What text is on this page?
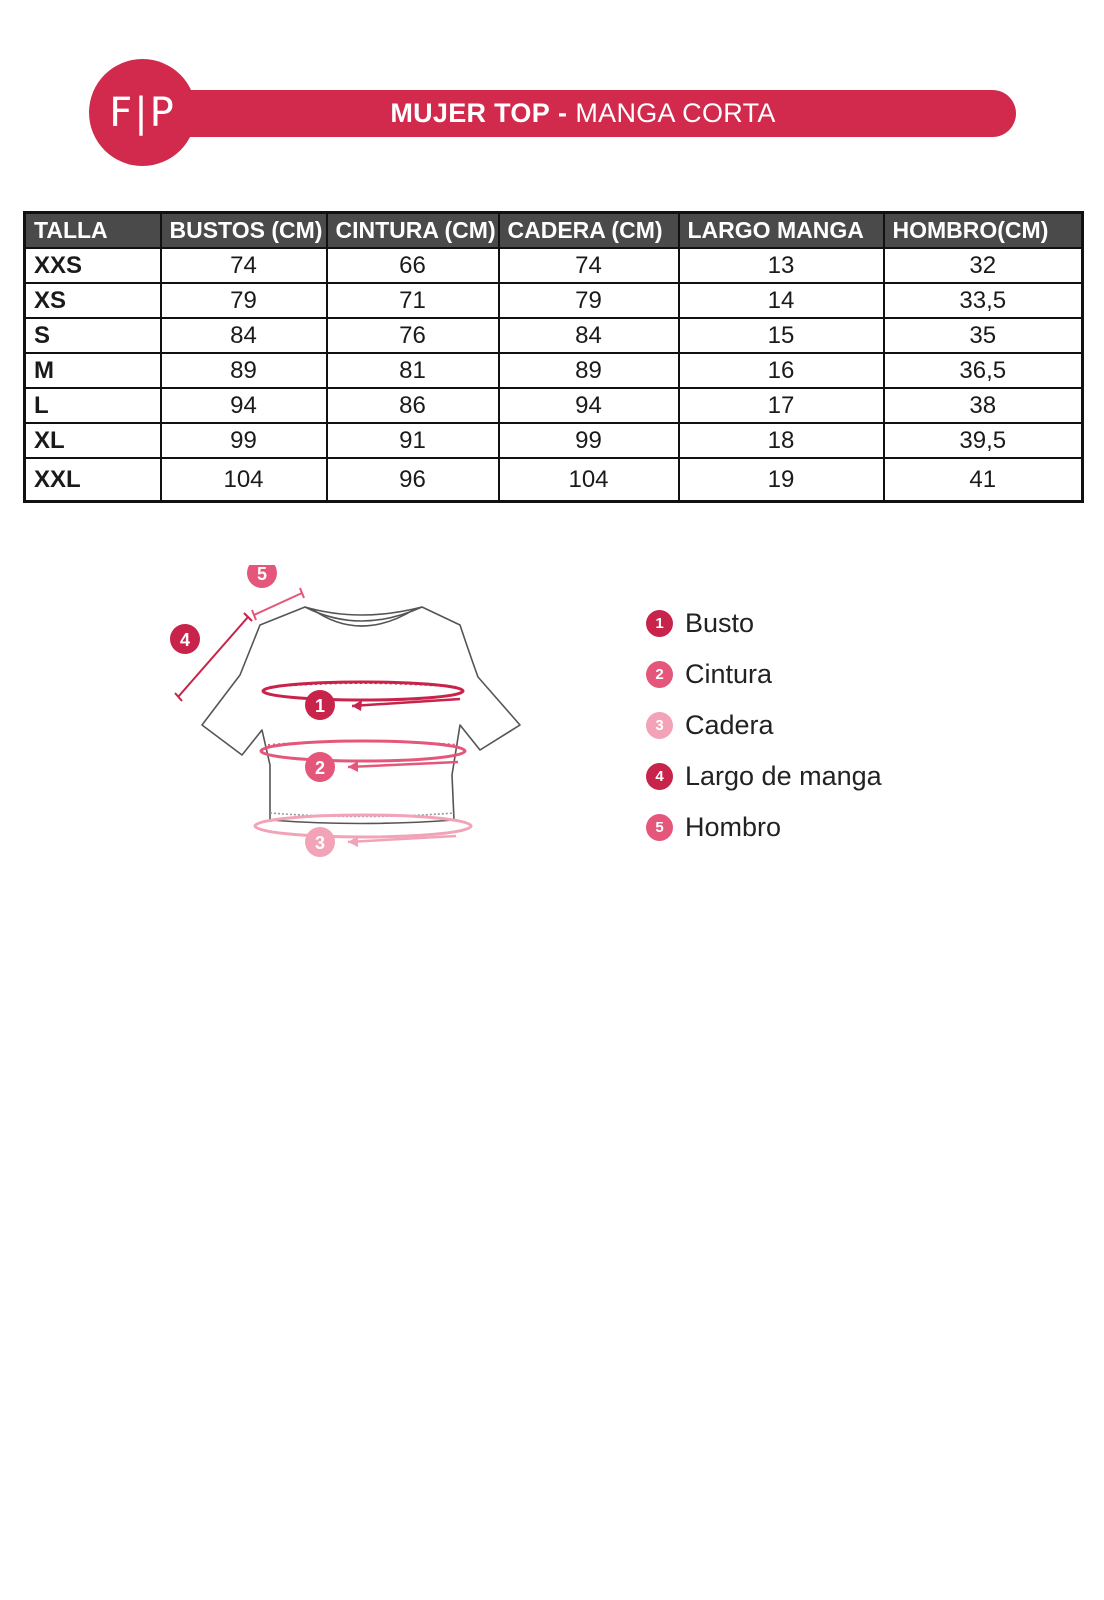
MUJER TOP - MANGA CORTA
F|P
TALLA	BUSTOS (CM)	CINTURA (CM)	CADERA (CM)	LARGO MANGA	HOMBRO(CM)
XXS	74	66	74	13	32
XS	79	71	79	14	33,5
S	84	76	84	15	35
M	89	81	89	16	36,5
L	94	86	94	17	38
XL	99	91	99	18	39,5
XXL	104	96	104	19	41
1
2
3
4
5
1 Busto
2 Cintura
3 Cadera
4 Largo de manga
5 Hombro
